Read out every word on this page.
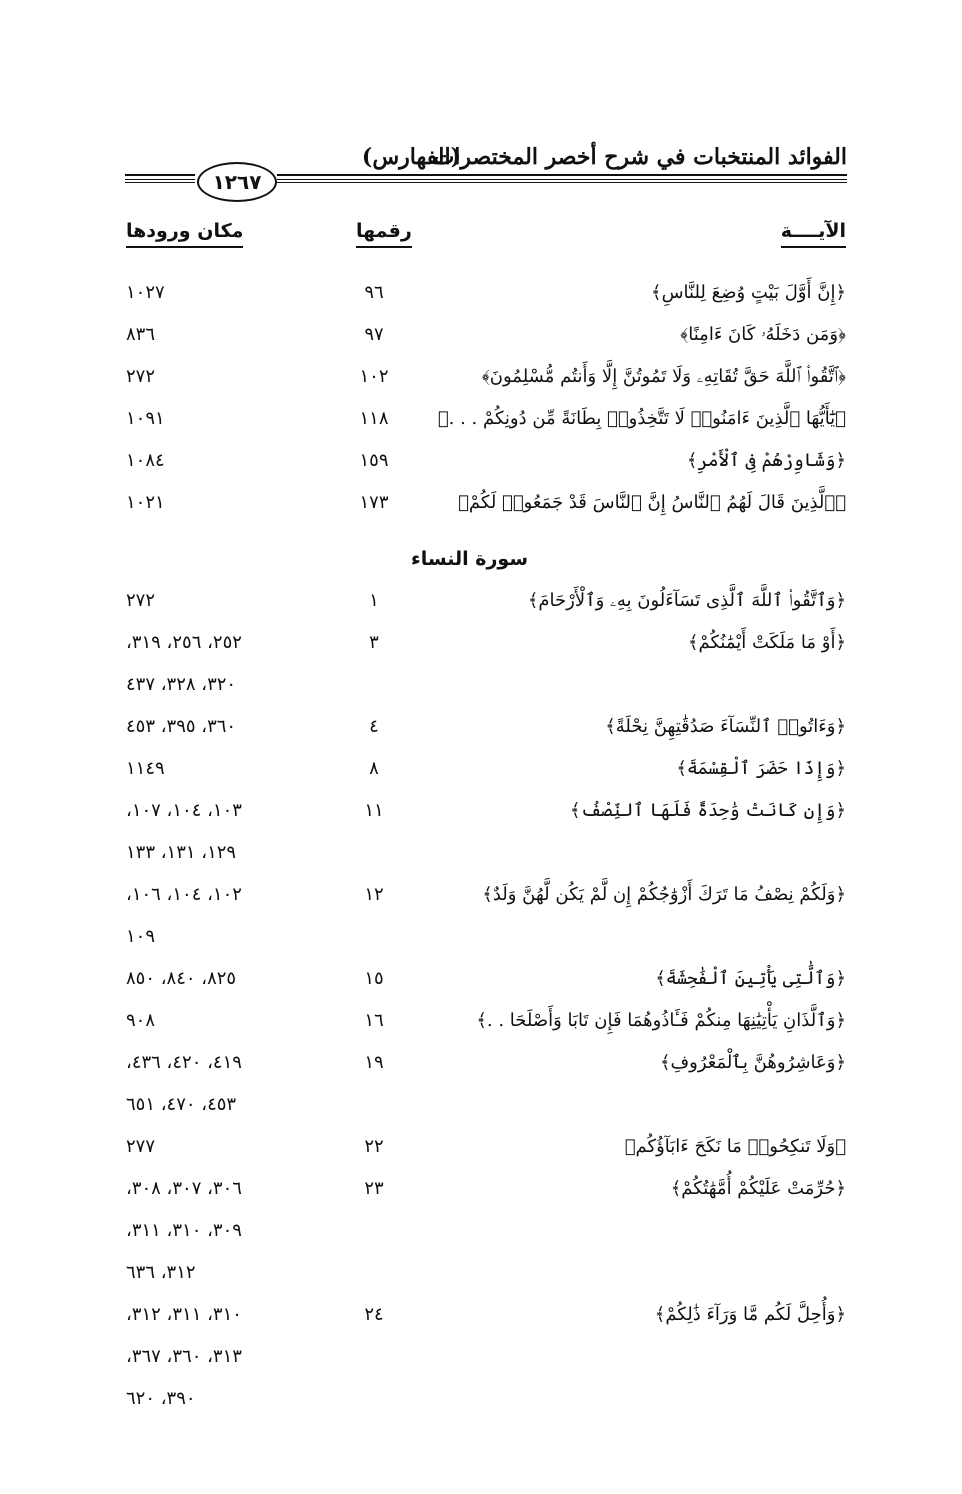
الفوائد المنتخبات في شرح أخصر المختصرات
(الفهارس)
١٢٦٧
الآيــــة
رقمها
مكان ورودها
﴿إِنَّ أَوَّلَ بَيْتٍ وُضِعَ لِلنَّاسِ﴾
٩٦
١٠٢٧
﴿وَمَن دَخَلَهُۥ كَانَ ءَامِنًا﴾
٩٧
٨٣٦
﴿ٱتَّقُوا۟ ٱللَّهَ حَقَّ تُقَاتِهِۦ وَلَا تَمُوتُنَّ إِلَّا وَأَنتُم مُّسْلِمُونَ﴾
١٠٢
٢٧٢
﴿يَٰٓأَيُّهَا ٱلَّذِينَ ءَامَنُوا۟ لَا تَتَّخِذُوا۟ بِطَانَةً مِّن دُونِكُمْ . . .﴾
١١٨
١٠٩١
﴿وَشَاوِرْهُمْ فِى ٱلْأَمْرِ﴾
١٥٩
١٠٨٤
﴿ٱلَّذِينَ قَالَ لَهُمُ ٱلنَّاسُ إِنَّ ٱلنَّاسَ قَدْ جَمَعُوا۟ لَكُمْ﴾
١٧٣
١٠٢١
سورة النساء
﴿وَٱتَّقُوا۟ ٱللَّهَ ٱلَّذِى تَسَآءَلُونَ بِهِۦ وَٱلْأَرْحَامَ﴾
١
٢٧٢
﴿أَوْ مَا مَلَكَتْ أَيْمَٰنُكُمْ﴾
٣
٢٥٢، ٢٥٦، ٣١٩،
٣٢٠، ٣٢٨، ٤٣٧
﴿وَءَاتُوا۟ ٱلنِّسَآءَ صَدُقَٰتِهِنَّ نِحْلَةً﴾
٤
٣٦٠، ٣٩٥، ٤٥٣
﴿وَإِذَا حَضَرَ ٱلْقِسْمَةَ﴾
٨
١١٤٩
﴿وَإِن كَانَتْ وَٰحِدَةً فَلَهَا ٱلنِّصْفُ﴾
١١
١٠٣، ١٠٤، ١٠٧،
١٢٩، ١٣١، ١٣٣
﴿وَلَكُمْ نِصْفُ مَا تَرَكَ أَزْوَٰجُكُمْ إِن لَّمْ يَكُن لَّهُنَّ وَلَدٌ﴾
١٢
١٠٢، ١٠٤، ١٠٦،
١٠٩
﴿وَٱلَّٰتِى يَأْتِينَ ٱلْفَٰحِشَةَ﴾
١٥
٨٢٥، ٨٤٠، ٨٥٠
﴿وَٱلَّذَانِ يَأْتِيَٰنِهَا مِنكُمْ فَـَٔاذُوهُمَا فَإِن تَابَا وَأَصْلَحَا . .﴾
١٦
٩٠٨
﴿وَعَاشِرُوهُنَّ بِٱلْمَعْرُوفِ﴾
١٩
٤١٩، ٤٢٠، ٤٣٦،
٤٥٣، ٤٧٠، ٦٥١
﴿وَلَا تَنكِحُوا۟ مَا نَكَحَ ءَابَآؤُكُم﴾
٢٢
٢٧٧
﴿حُرِّمَتْ عَلَيْكُمْ أُمَّهَٰتُكُمْ﴾
٢٣
٣٠٦، ٣٠٧، ٣٠٨،
٣٠٩، ٣١٠، ٣١١،
٣١٢، ٦٣٦
﴿وَأُحِلَّ لَكُم مَّا وَرَآءَ ذَٰلِكُمْ﴾
٢٤
٣١٠، ٣١١، ٣١٢،
٣١٣، ٣٦٠، ٣٦٧،
٣٩٠، ٦٢٠
